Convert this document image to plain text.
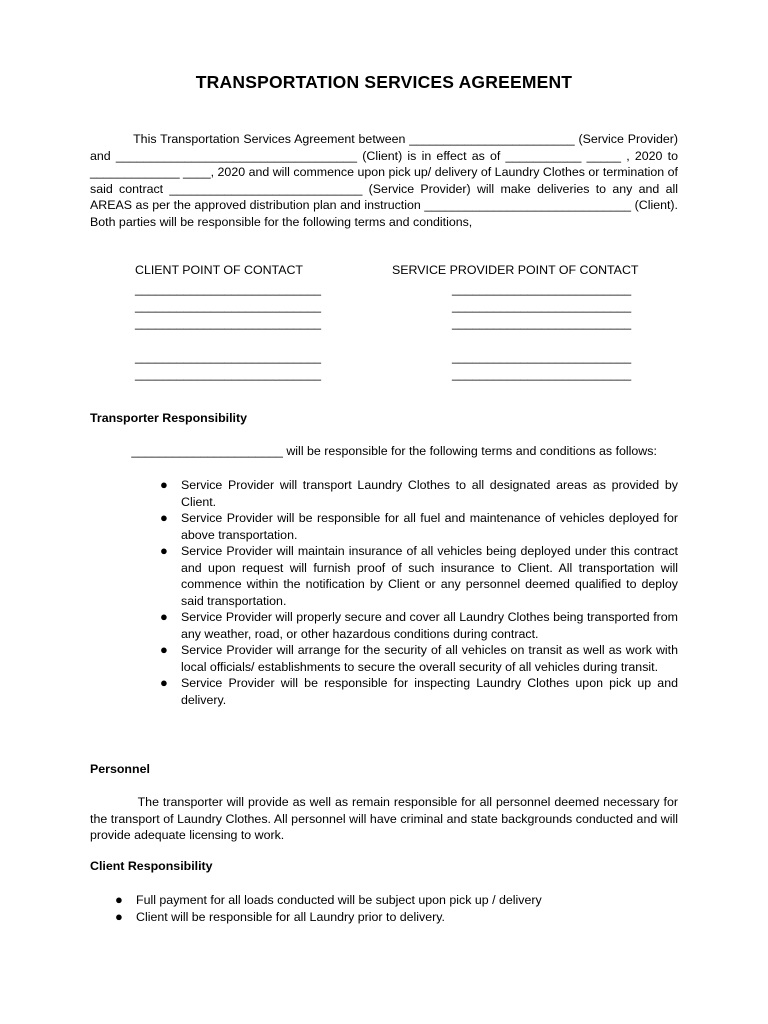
TRANSPORTATION SERVICES AGREEMENT
	This Transportation Services Agreement between ________________________ (Service Provider) and ___________________________________ (Client) is in effect as of ___________ _____ , 2020 to _____________ ____, 2020 and will commence upon pick up/ delivery of Laundry Clothes or termination of said contract ____________________________ (Service Provider) will make deliveries to any and all AREAS as per the approved distribution plan and instruction ______________________________ (Client). Both parties will be responsible for the following terms and conditions,
CLIENT POINT OF CONTACT	SERVICE PROVIDER POINT OF CONTACT
___________________________
___________________________
___________________________
___________________________
___________________________
__________________________
__________________________
__________________________
__________________________
__________________________
Transporter Responsibility
______________________ will be responsible for the following terms and conditions as follows:
● Service Provider will transport Laundry Clothes to all designated areas as provided by Client.
● Service Provider will be responsible for all fuel and maintenance of vehicles deployed for above transportation.
● Service Provider will maintain insurance of all vehicles being deployed under this contract and upon request will furnish proof of such insurance to Client. All transportation will commence within the notification by Client or any personnel deemed qualified to deploy said transportation.
● Service Provider will properly secure and cover all Laundry Clothes being transported from any weather, road, or other hazardous conditions during contract.
● Service Provider will arrange for the security of all vehicles on transit as well as work with local officials/ establishments to secure the overall security of all vehicles during transit.
● Service Provider will be responsible for inspecting Laundry Clothes upon pick up and delivery.
Personnel
The transporter will provide as well as remain responsible for all personnel deemed necessary for the transport of Laundry Clothes. All personnel will have criminal and state backgrounds conducted and will provide adequate licensing to work.
Client Responsibility
● Full payment for all loads conducted will be subject upon pick up / delivery
● Client will be responsible for all Laundry prior to delivery.
